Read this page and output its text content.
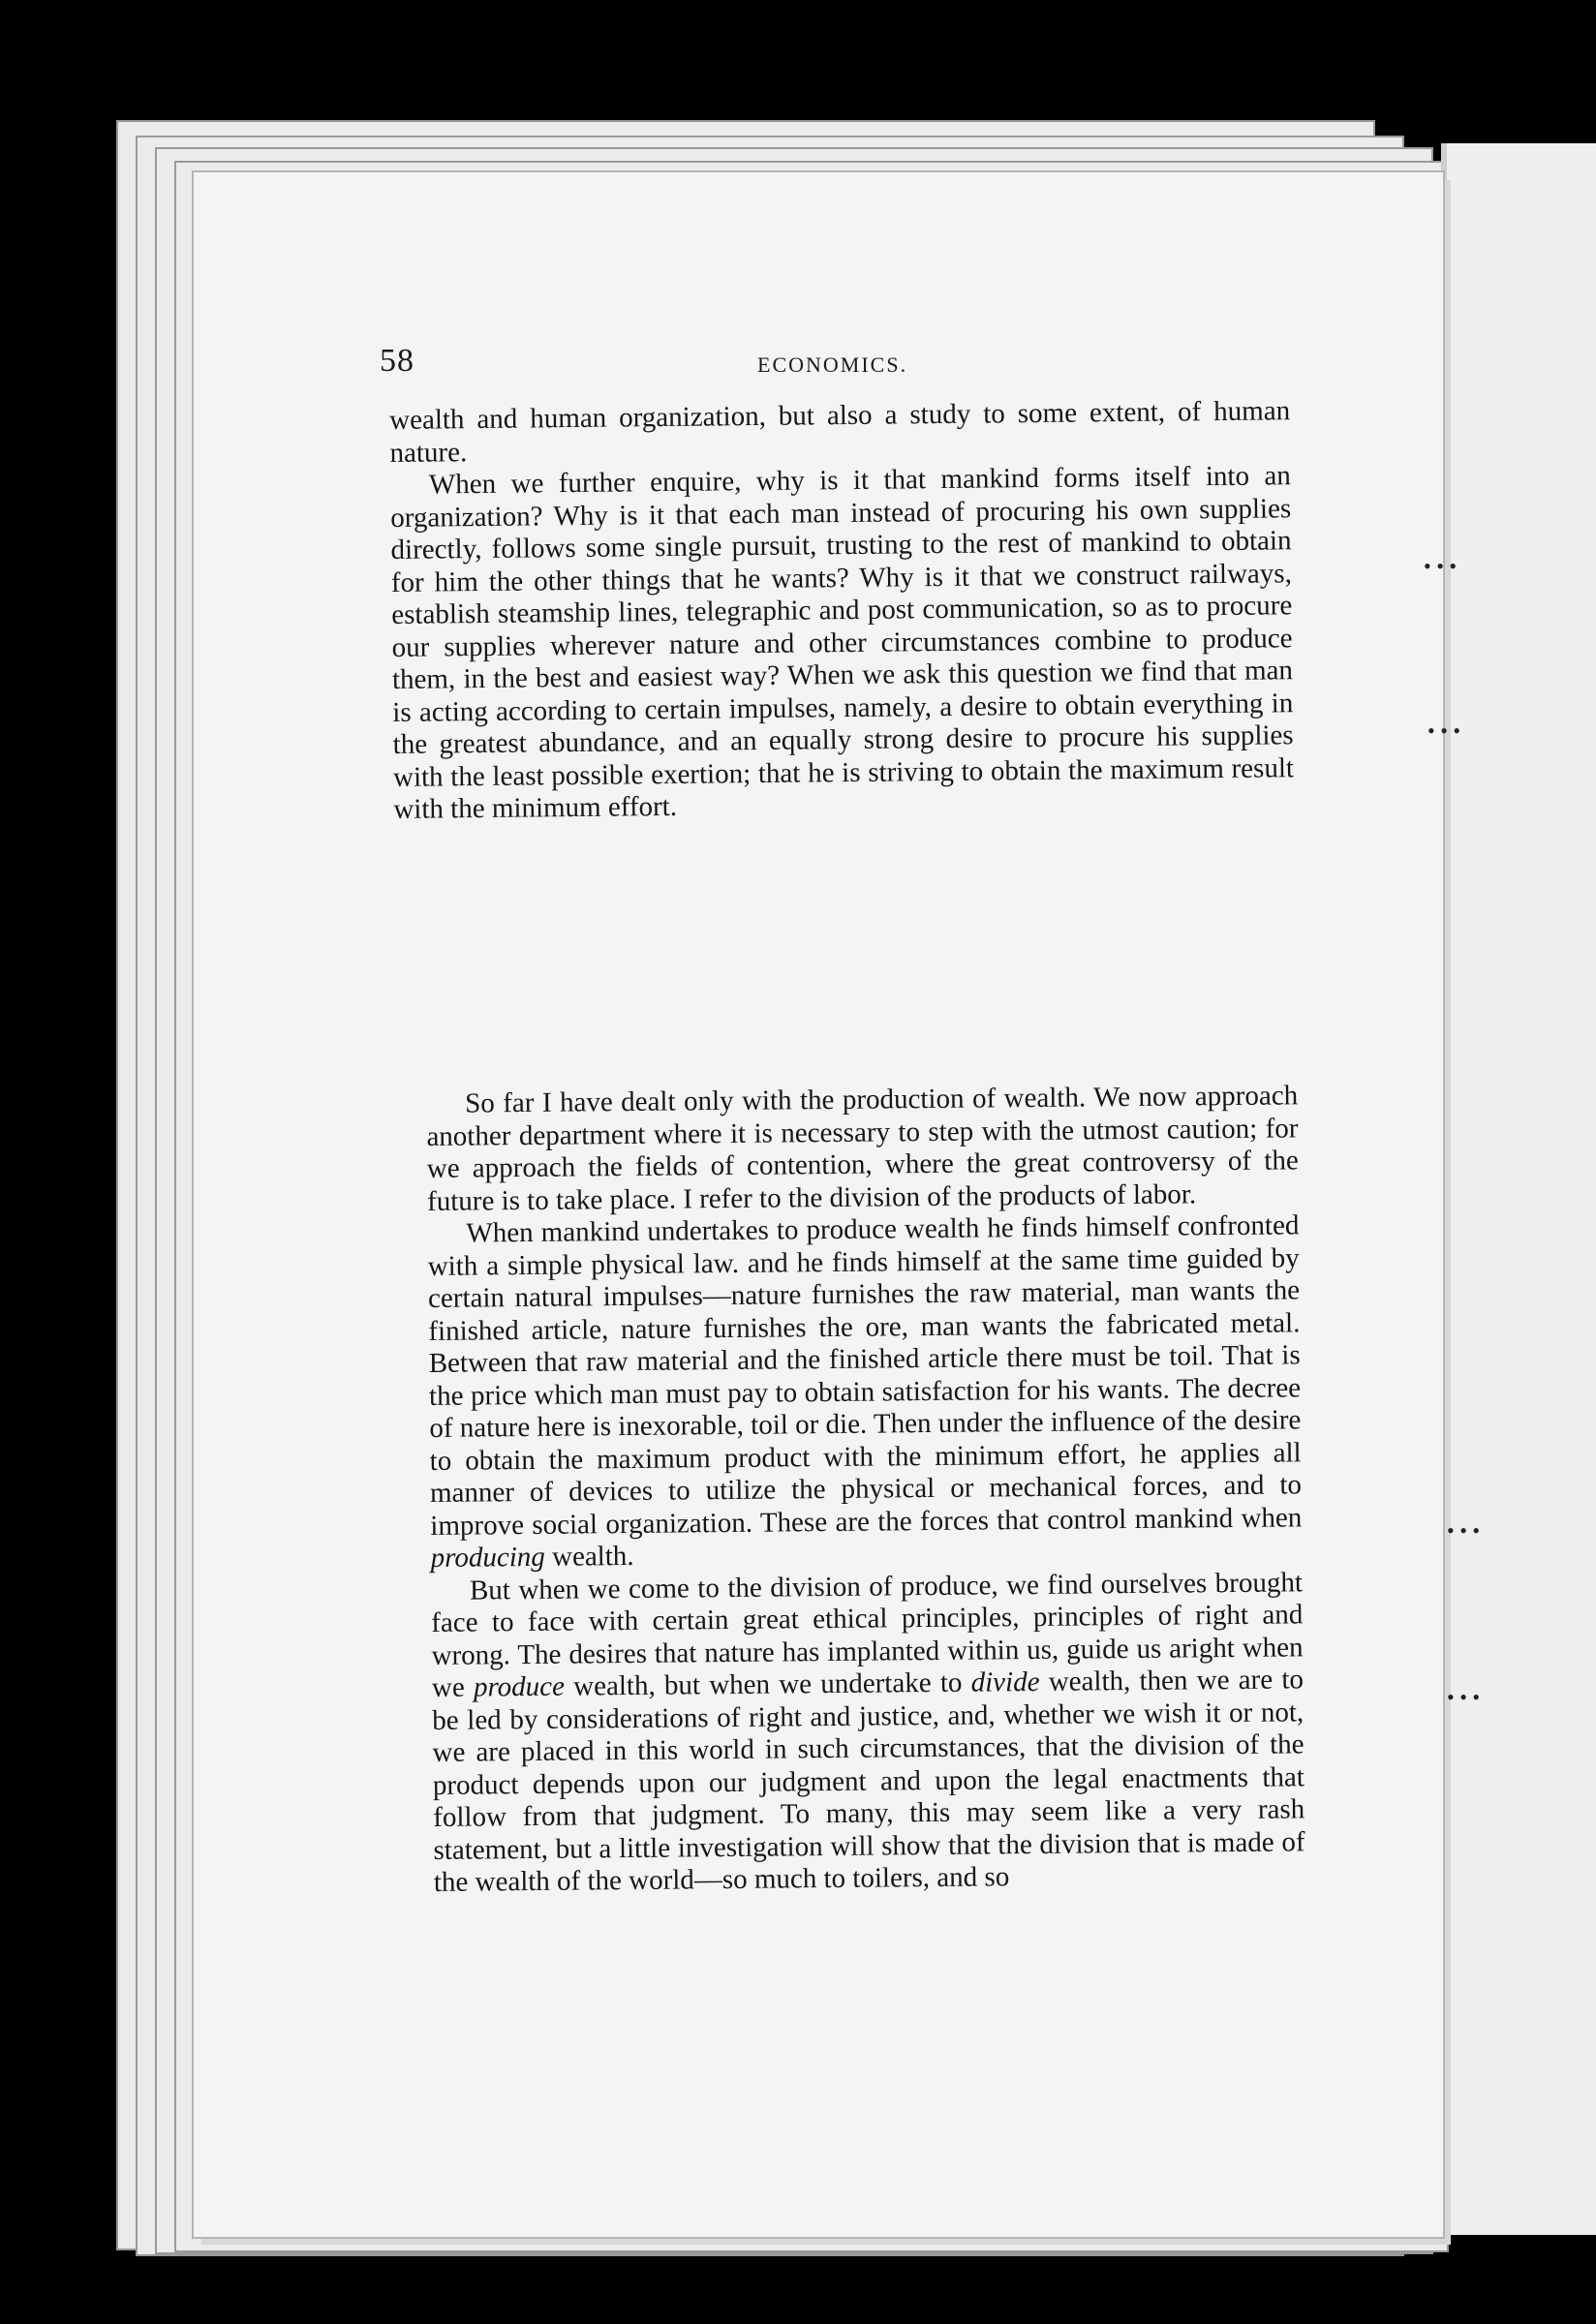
• • •
• • •
• • •
• • •
58	ECONOMICS.

wealth and human organization, but also a study to some extent, of human nature.

When we further enquire, why is it that mankind forms itself into an organization? Why is it that each man instead of procuring his own supplies directly, follows some single pursuit, trusting to the rest of mankind to obtain for him the other things that he wants? Why is it that we construct railways, establish steamship lines, telegraphic and post communication, so as to procure our supplies wherever nature and other circumstances combine to produce them, in the best and easiest way? When we ask this question we find that man is acting according to certain impulses, namely, a desire to obtain everything in the greatest abundance, and an equally strong desire to procure his supplies with the least possible exertion; that he is striving to obtain the maximum result with the minimum effort.

So far I have dealt only with the production of wealth. We now approach another department where it is necessary to step with the utmost caution; for we approach the fields of contention, where the great controversy of the future is to take place. I refer to the division of the products of labor.

When mankind undertakes to produce wealth he finds himself confronted with a simple physical law. and he finds himself at the same time guided by certain natural impulses—nature furnishes the raw material, man wants the finished article, nature furnishes the ore, man wants the fabricated metal. Between that raw material and the finished article there must be toil. That is the price which man must pay to obtain satisfaction for his wants. The decree of nature here is inexorable, toil or die. Then under the influence of the desire to obtain the maximum product with the minimum effort, he applies all manner of devices to utilize the physical or mechanical forces, and to improve social organization. These are the forces that control mankind when producing wealth.

But when we come to the division of produce, we find ourselves brought face to face with certain great ethical principles, principles of right and wrong. The desires that nature has implanted within us, guide us aright when we produce wealth, but when we undertake to divide wealth, then we are to be led by considerations of right and justice, and, whether we wish it or not, we are placed in this world in such circumstances, that the division of the product depends upon our judgment and upon the legal enactments that follow from that judgment. To many, this may seem like a very rash statement, but a little investigation will show that the division that is made of the wealth of the world—so much to toilers, and so
